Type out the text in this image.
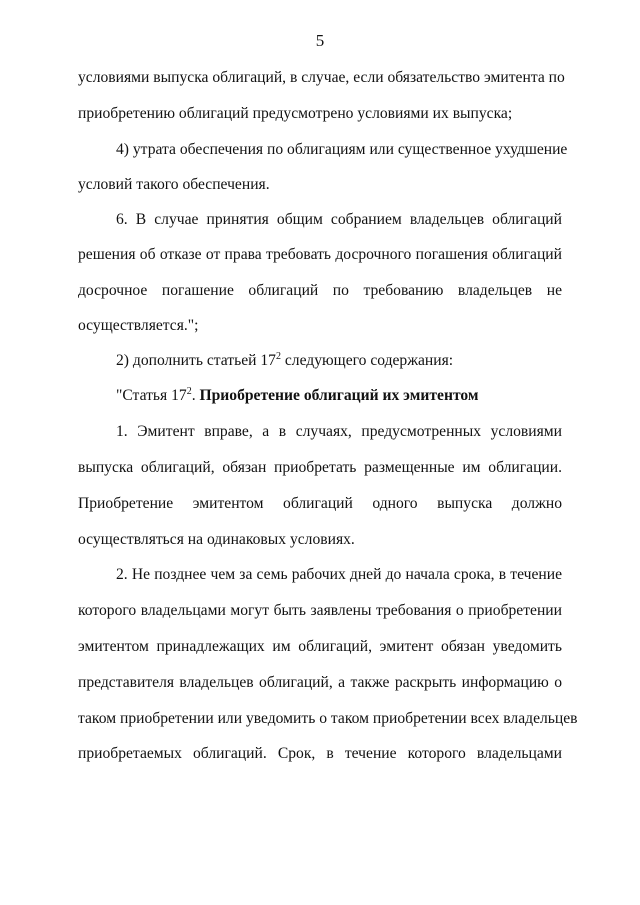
5
условиями выпуска облигаций, в случае, если обязательство эмитента по
приобретению облигаций предусмотрено условиями их выпуска;
4) утрата обеспечения по облигациям или существенное ухудшение
условий такого обеспечения.
6. В случае принятия общим собранием владельцев облигаций
решения об отказе от права требовать досрочного погашения облигаций
досрочное погашение облигаций по требованию владельцев не
осуществляется.";
2) дополнить статьей $17^2$ следующего содержания:
"Статья $17^2$. Приобретение облигаций их эмитентом
1. Эмитент вправе, а в случаях, предусмотренных условиями
выпуска облигаций, обязан приобретать размещенные им облигации.
Приобретение эмитентом облигаций одного выпуска должно
осуществляться на одинаковых условиях.
2. Не позднее чем за семь рабочих дней до начала срока, в течение
которого владельцами могут быть заявлены требования о приобретении
эмитентом принадлежащих им облигаций, эмитент обязан уведомить
представителя владельцев облигаций, а также раскрыть информацию о
таком приобретении или уведомить о таком приобретении всех владельцев
приобретаемых облигаций. Срок, в течение которого владельцами
